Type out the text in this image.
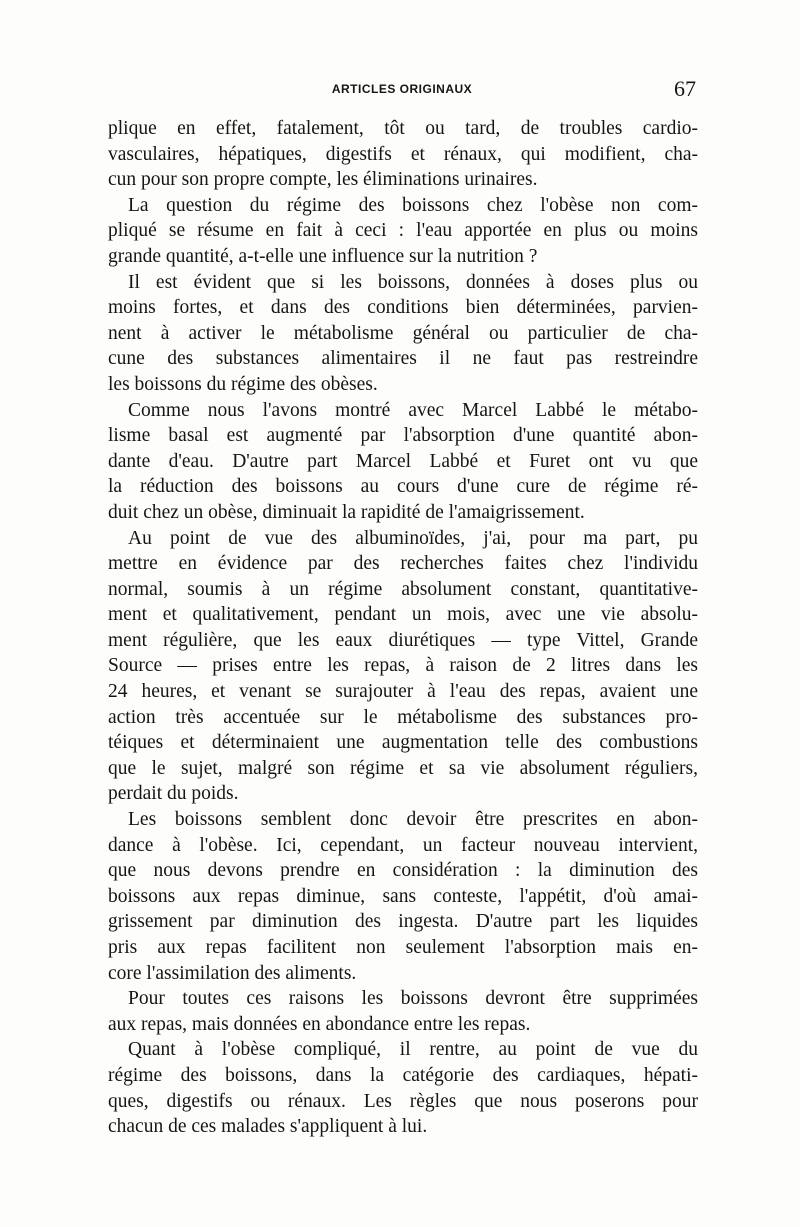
ARTICLES ORIGINAUX	67
plique en effet, fatalement, tôt ou tard, de troubles cardio-
vasculaires, hépatiques, digestifs et rénaux, qui modifient, cha-
cun pour son propre compte, les éliminations urinaires.
La question du régime des boissons chez l'obèse non com-
pliqué se résume en fait à ceci : l'eau apportée en plus ou moins
grande quantité, a-t-elle une influence sur la nutrition ?
Il est évident que si les boissons, données à doses plus ou
moins fortes, et dans des conditions bien déterminées, parvien-
nent à activer le métabolisme général ou particulier de cha-
cune des substances alimentaires il ne faut pas restreindre
les boissons du régime des obèses.
Comme nous l'avons montré avec Marcel Labbé le métabo-
lisme basal est augmenté par l'absorption d'une quantité abon-
dante d'eau. D'autre part Marcel Labbé et Furet ont vu que
la réduction des boissons au cours d'une cure de régime ré-
duit chez un obèse, diminuait la rapidité de l'amaigrissement.
Au point de vue des albuminoïdes, j'ai, pour ma part, pu
mettre en évidence par des recherches faites chez l'individu
normal, soumis à un régime absolument constant, quantitative-
ment et qualitativement, pendant un mois, avec une vie absolu-
ment régulière, que les eaux diurétiques — type Vittel, Grande
Source — prises entre les repas, à raison de 2 litres dans les
24 heures, et venant se surajouter à l'eau des repas, avaient une
action très accentuée sur le métabolisme des substances pro-
téiques et déterminaient une augmentation telle des combustions
que le sujet, malgré son régime et sa vie absolument réguliers,
perdait du poids.
Les boissons semblent donc devoir être prescrites en abon-
dance à l'obèse. Ici, cependant, un facteur nouveau intervient,
que nous devons prendre en considération : la diminution des
boissons aux repas diminue, sans conteste, l'appétit, d'où amai-
grissement par diminution des ingesta. D'autre part les liquides
pris aux repas facilitent non seulement l'absorption mais en-
core l'assimilation des aliments.
Pour toutes ces raisons les boissons devront être supprimées
aux repas, mais données en abondance entre les repas.
Quant à l'obèse compliqué, il rentre, au point de vue du
régime des boissons, dans la catégorie des cardiaques, hépati-
ques, digestifs ou rénaux. Les règles que nous poserons pour
chacun de ces malades s'appliquent à lui.
